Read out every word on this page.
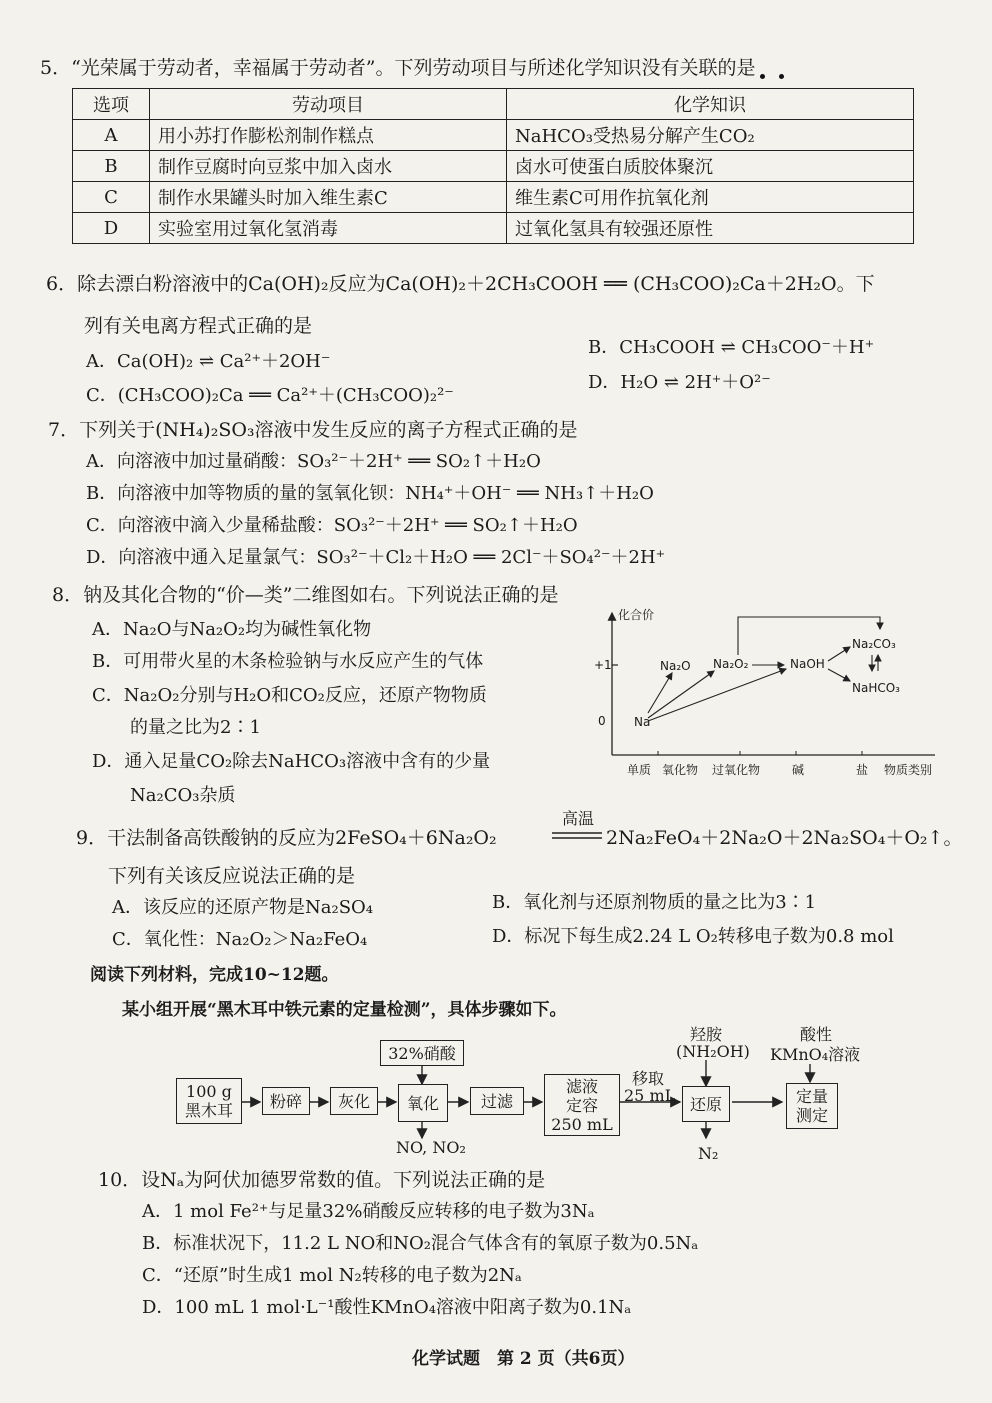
5．“光荣属于劳动者，幸福属于劳动者”。下列劳动项目与所述化学知识没有关联的是
选项	劳动项目	化学知识
A	用小苏打作膨松剂制作糕点	NaHCO₃受热易分解产生CO₂
B	制作豆腐时向豆浆中加入卤水	卤水可使蛋白质胶体聚沉
C	制作水果罐头时加入维生素C	维生素C可用作抗氧化剂
D	实验室用过氧化氢消毒	过氧化氢具有较强还原性
6．除去漂白粉溶液中的Ca(OH)₂反应为Ca(OH)₂＋2CH₃COOH ══ (CH₃COO)₂Ca＋2H₂O。下
列有关电离方程式正确的是
A．Ca(OH)₂ ⇌ Ca²⁺＋2OH⁻
B．CH₃COOH ⇌ CH₃COO⁻＋H⁺
C．(CH₃COO)₂Ca ══ Ca²⁺＋(CH₃COO)₂²⁻
D．H₂O ⇌ 2H⁺＋O²⁻
7．下列关于(NH₄)₂SO₃溶液中发生反应的离子方程式正确的是
A．向溶液中加过量硝酸：SO₃²⁻＋2H⁺ ══ SO₂↑＋H₂O
B．向溶液中加等物质的量的氢氧化钡：NH₄⁺＋OH⁻ ══ NH₃↑＋H₂O
C．向溶液中滴入少量稀盐酸：SO₃²⁻＋2H⁺ ══ SO₂↑＋H₂O
D．向溶液中通入足量氯气：SO₃²⁻＋Cl₂＋H₂O ══ 2Cl⁻＋SO₄²⁻＋2H⁺
8．钠及其化合物的“价—类”二维图如右。下列说法正确的是
A．Na₂O与Na₂O₂均为碱性氧化物
B．可用带火星的木条检验钠与水反应产生的气体
C．Na₂O₂分别与H₂O和CO₂反应，还原产物物质
的量之比为2∶1
D．通入足量CO₂除去NaHCO₃溶液中含有的少量
Na₂CO₃杂质
化合价
+1
0 Na
Na₂O Na₂O₂	NaOH
Na₂CO₃
NaHCO₃
单质 氧化物 过氧化物	碱	盐 物质类别
9．干法制备高铁酸钠的反应为2FeSO₄＋6Na₂O₂
高温
2Na₂FeO₄＋2Na₂O＋2Na₂SO₄＋O₂↑。
下列有关该反应说法正确的是
A．该反应的还原产物是Na₂SO₄	B．氧化剂与还原剂物质的量之比为3∶1
C．氧化性：Na₂O₂＞Na₂FeO₄	D．标况下每生成2.24 L O₂转移电子数为0.8 mol
阅读下列材料，完成10~12题。
某小组开展“黑木耳中铁元素的定量检测”，具体步骤如下。
100 g
黑木耳	粉碎	灰化	氧化	过滤
滤液
定容
250 mL
还原	定量
测定
32%硝酸
NO, NO₂
移取
25 mL
羟胺
(NH₂OH)
酸性
KMnO₄溶液
N₂
10．设Nₐ为阿伏加德罗常数的值。下列说法正确的是
A．1 mol Fe²⁺与足量32%硝酸反应转移的电子数为3Nₐ
B．标准状况下，11.2 L NO和NO₂混合气体含有的氧原子数为0.5Nₐ
C．“还原”时生成1 mol N₂转移的电子数为2Nₐ
D．100 mL 1 mol·L⁻¹酸性KMnO₄溶液中阳离子数为0.1Nₐ
化学试题　第 2 页（共6页）
